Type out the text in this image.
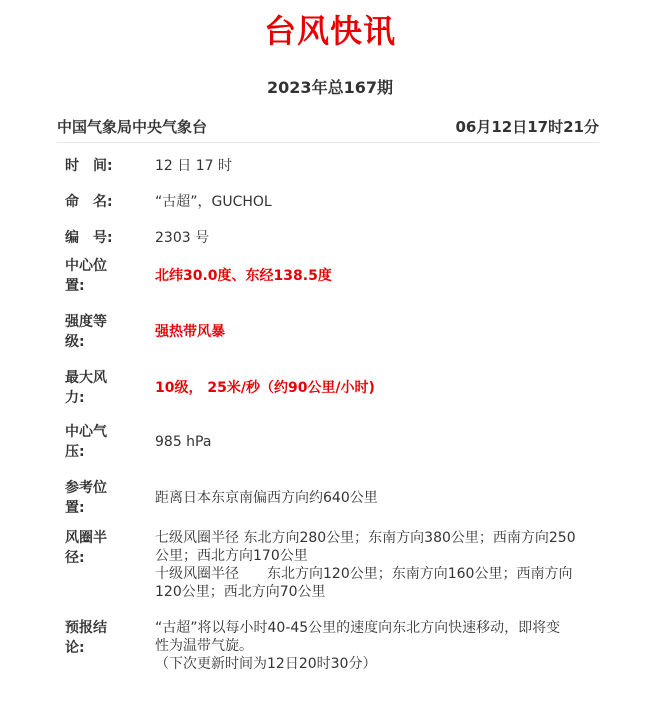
台风快讯
2023年总167期
中国气象局中央气象台	06月12日17时21分
时　间:	12 日 17 时
命　名:	“古超”，GUCHOL
编　号:	2303 号
中心位置:
北纬30.0度、东经138.5度
强度等级:
强热带风暴
最大风力:
10级， 25米/秒（约90公里/小时)
中心气压:
985 hPa
参考位置:
距离日本东京南偏西方向约640公里
风圈半径:
七级风圈半径 东北方向280公里；东南方向380公里；西南方向250
公里；西北方向170公里
十级风圈半径　　东北方向120公里；东南方向160公里；西南方向
120公里；西北方向70公里
预报结论:
“古超”将以每小时40-45公里的速度向东北方向快速移动，即将变
性为温带气旋。
（下次更新时间为12日20时30分）
